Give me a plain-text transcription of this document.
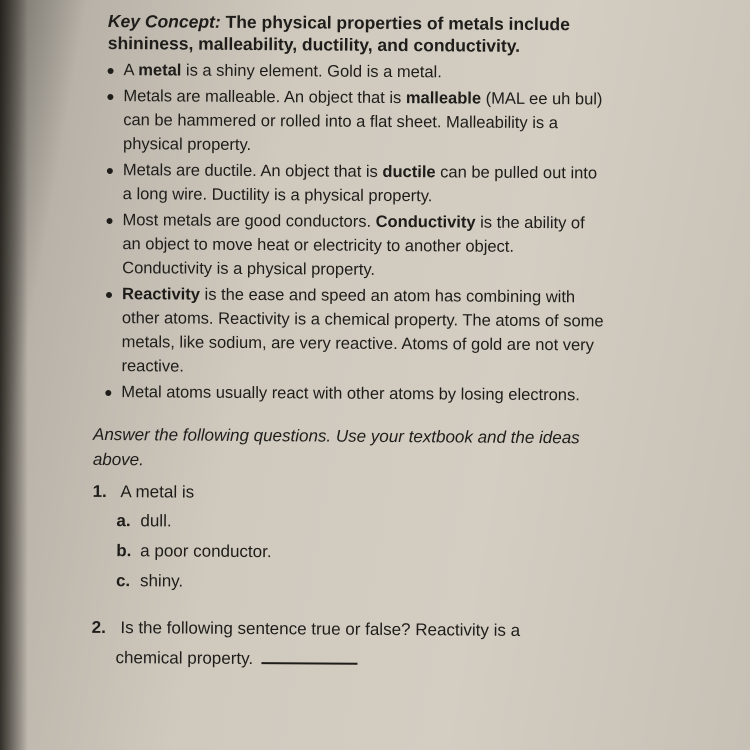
Key Concept: The physical properties of metals include shininess, malleability, ductility, and conductivity.

A metal is a shiny element. Gold is a metal.
Metals are malleable. An object that is malleable (MAL ee uh bul) can be hammered or rolled into a flat sheet. Malleability is a physical property.
Metals are ductile. An object that is ductile can be pulled out into a long wire. Ductility is a physical property.
Most metals are good conductors. Conductivity is the ability of an object to move heat or electricity to another object. Conductivity is a physical property.
Reactivity is the ease and speed an atom has combining with other atoms. Reactivity is a chemical property. The atoms of some metals, like sodium, are very reactive. Atoms of gold are not very reactive.
Metal atoms usually react with other atoms by losing electrons.

Answer the following questions. Use your textbook and the ideas above.

1. A metal is
a. dull.
b. a poor conductor.
c. shiny.
2. Is the following sentence true or false? Reactivity is a
chemical property.
